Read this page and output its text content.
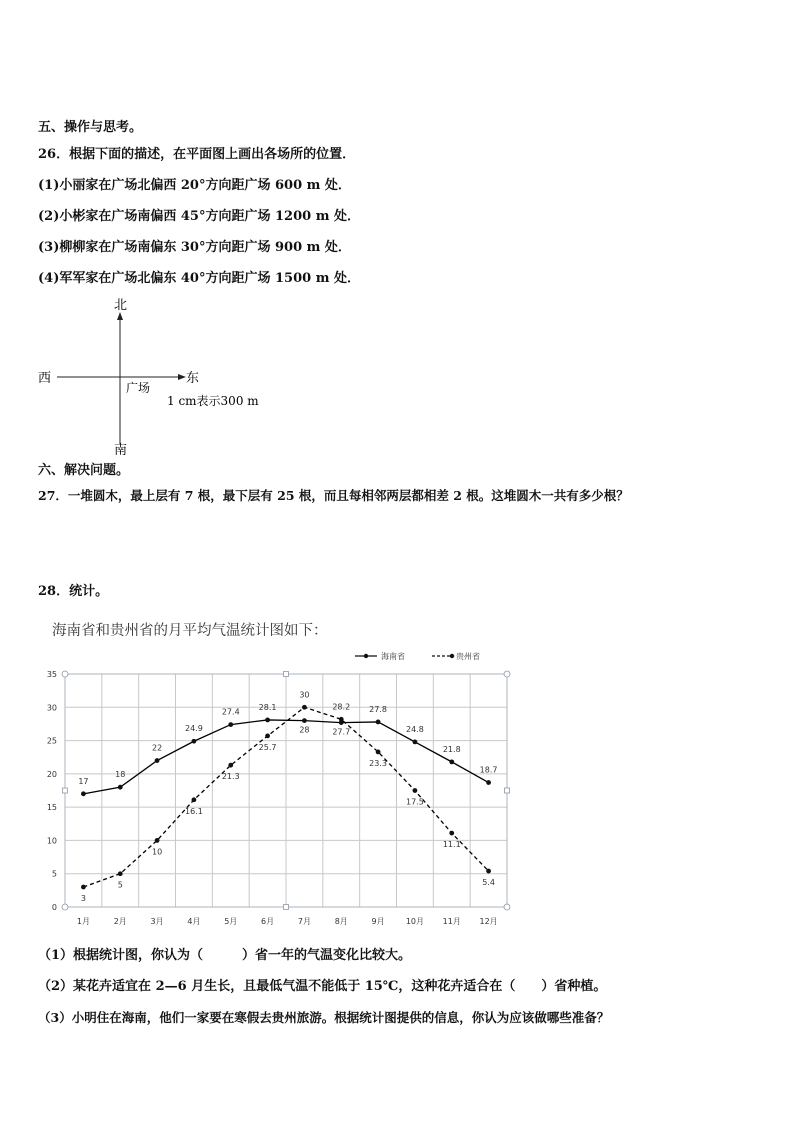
五、操作与思考。
26．根据下面的描述，在平面图上画出各场所的位置．
(1)小丽家在广场北偏西 20°方向距广场 600 m 处．
(2)小彬家在广场南偏西 45°方向距广场 1200 m 处．
(3)柳柳家在广场南偏东 30°方向距广场 900 m 处．
(4)军军家在广场北偏东 40°方向距广场 1500 m 处．
北
南
西	东
广场
1 cm表示300 m
六、解决问题。
27．一堆圆木，最上层有 7 根，最下层有 25 根，而且每相邻两层都相差 2 根。这堆圆木一共有多少根？
28．统计。
海南省和贵州省的月平均气温统计图如下：
0
5
10
15
20
25
30
35
1月	2月	3月	4月	5月	6月	7月	8月	9月	10月 11月 12月
17
18
22
24.9
27.4
28.1
28	27.7
27.8
24.8
21.8
18.7
3
5
10
16.1
21.3
25.7
30
28.2
23.3
17.5
11.1
5.4
海南省	贵州省
（1）根据统计图，你认为（　　　）省一年的气温变化比较大。
（2）某花卉适宜在 2—6 月生长，且最低气温不能低于 15℃，这种花卉适合在（　　）省种植。
（3）小明住在海南，他们一家要在寒假去贵州旅游。根据统计图提供的信息，你认为应该做哪些准备？
